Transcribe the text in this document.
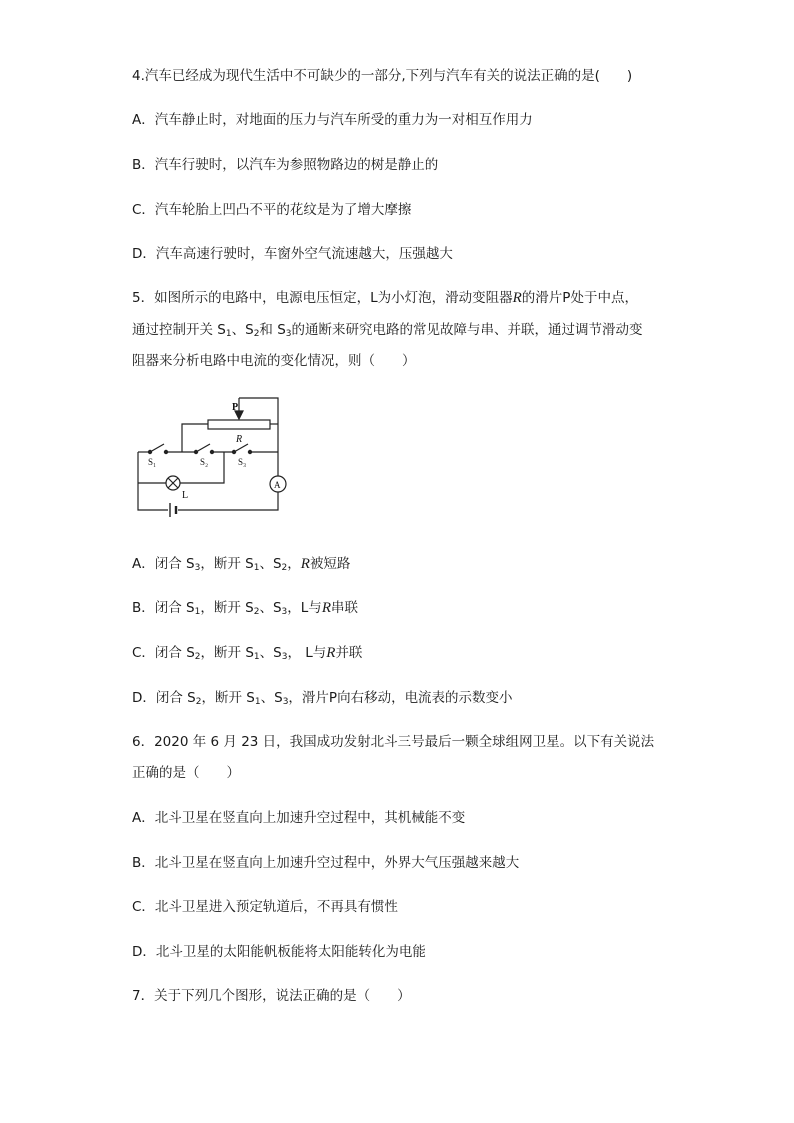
4.汽车已经成为现代生活中不可缺少的一部分,下列与汽车有关的说法正确的是(　　)
A．汽车静止时，对地面的压力与汽车所受的重力为一对相互作用力
B．汽车行驶时，以汽车为参照物路边的树是静止的
C．汽车轮胎上凹凸不平的花纹是为了增大摩擦
D．汽车高速行驶时，车窗外空气流速越大，压强越大
5．如图所示的电路中，电源电压恒定，L为小灯泡，滑动变阻器R的滑片P处于中点，
通过控制开关 $S_1$、$S_2$和 $S_3$的通断来研究电路的常见故障与串、并联，通过调节滑动变
阻器来分析电路中电流的变化情况，则（　　）
P
R
S₁	S₂	S₃
L
A
A．闭合 $S_3$，断开 $S_1$、$S_2$，R被短路
B．闭合 $S_1$，断开 $S_2$、$S_3$，L与R串联
C．闭合 $S_2$，断开 $S_1$、$S_3$， L与R并联
D．闭合 $S_2$，断开 $S_1$、$S_3$，滑片P向右移动，电流表的示数变小
6．2020 年 6 月 23 日，我国成功发射北斗三号最后一颗全球组网卫星。以下有关说法
正确的是（　　）
A．北斗卫星在竖直向上加速升空过程中，其机械能不变
B．北斗卫星在竖直向上加速升空过程中，外界大气压强越来越大
C．北斗卫星进入预定轨道后，不再具有惯性
D．北斗卫星的太阳能帆板能将太阳能转化为电能
7．关于下列几个图形，说法正确的是（　　）
